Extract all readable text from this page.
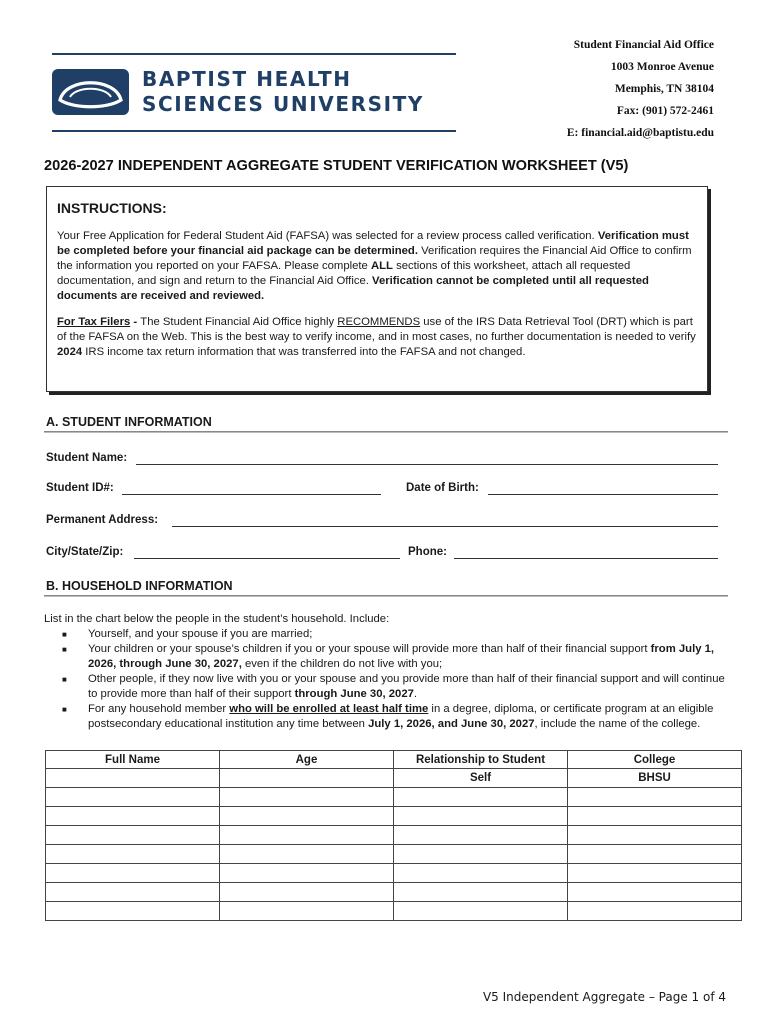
BAPTIST HEALTH
SCIENCES UNIVERSITY
Student Financial Aid Office
1003 Monroe Avenue
Memphis, TN 38104
Fax: (901) 572-2461
E: financial.aid@baptistu.edu
2026-2027 INDEPENDENT AGGREGATE STUDENT VERIFICATION WORKSHEET (V5)
INSTRUCTIONS:
Your Free Application for Federal Student Aid (FAFSA) was selected for a review process called verification. Verification must be completed before your financial aid package can be determined. Verification requires the Financial Aid Office to confirm the information you reported on your FAFSA. Please complete ALL sections of this worksheet, attach all requested documentation, and sign and return to the Financial Aid Office. Verification cannot be completed until all requested documents are received and reviewed.
For Tax Filers - The Student Financial Aid Office highly RECOMMENDS use of the IRS Data Retrieval Tool (DRT) which is part of the FAFSA on the Web. This is the best way to verify income, and in most cases, no further documentation is needed to verify 2024 IRS income tax return information that was transferred into the FAFSA and not changed.
A. STUDENT INFORMATION
Student Name:
Student ID#:	Date of Birth:
Permanent Address:
City/State/Zip:	Phone:
B. HOUSEHOLD INFORMATION
List in the chart below the people in the student’s household. Include:
■ Yourself, and your spouse if you are married;
■ Your children or your spouse’s children if you or your spouse will provide more than half of their financial support from July 1, 2026, through June 30, 2027, even if the children do not live with you;
■ Other people, if they now live with you or your spouse and you provide more than half of their financial support and will continue to provide more than half of their support through June 30, 2027.
■ For any household member who will be enrolled at least half time in a degree, diploma, or certificate program at an eligible postsecondary educational institution any time between July 1, 2026, and June 30, 2027, include the name of the college.
Full Name	Age	Relationship to Student	College
		Self	BHSU

V5 Independent Aggregate – Page 1 of 4
